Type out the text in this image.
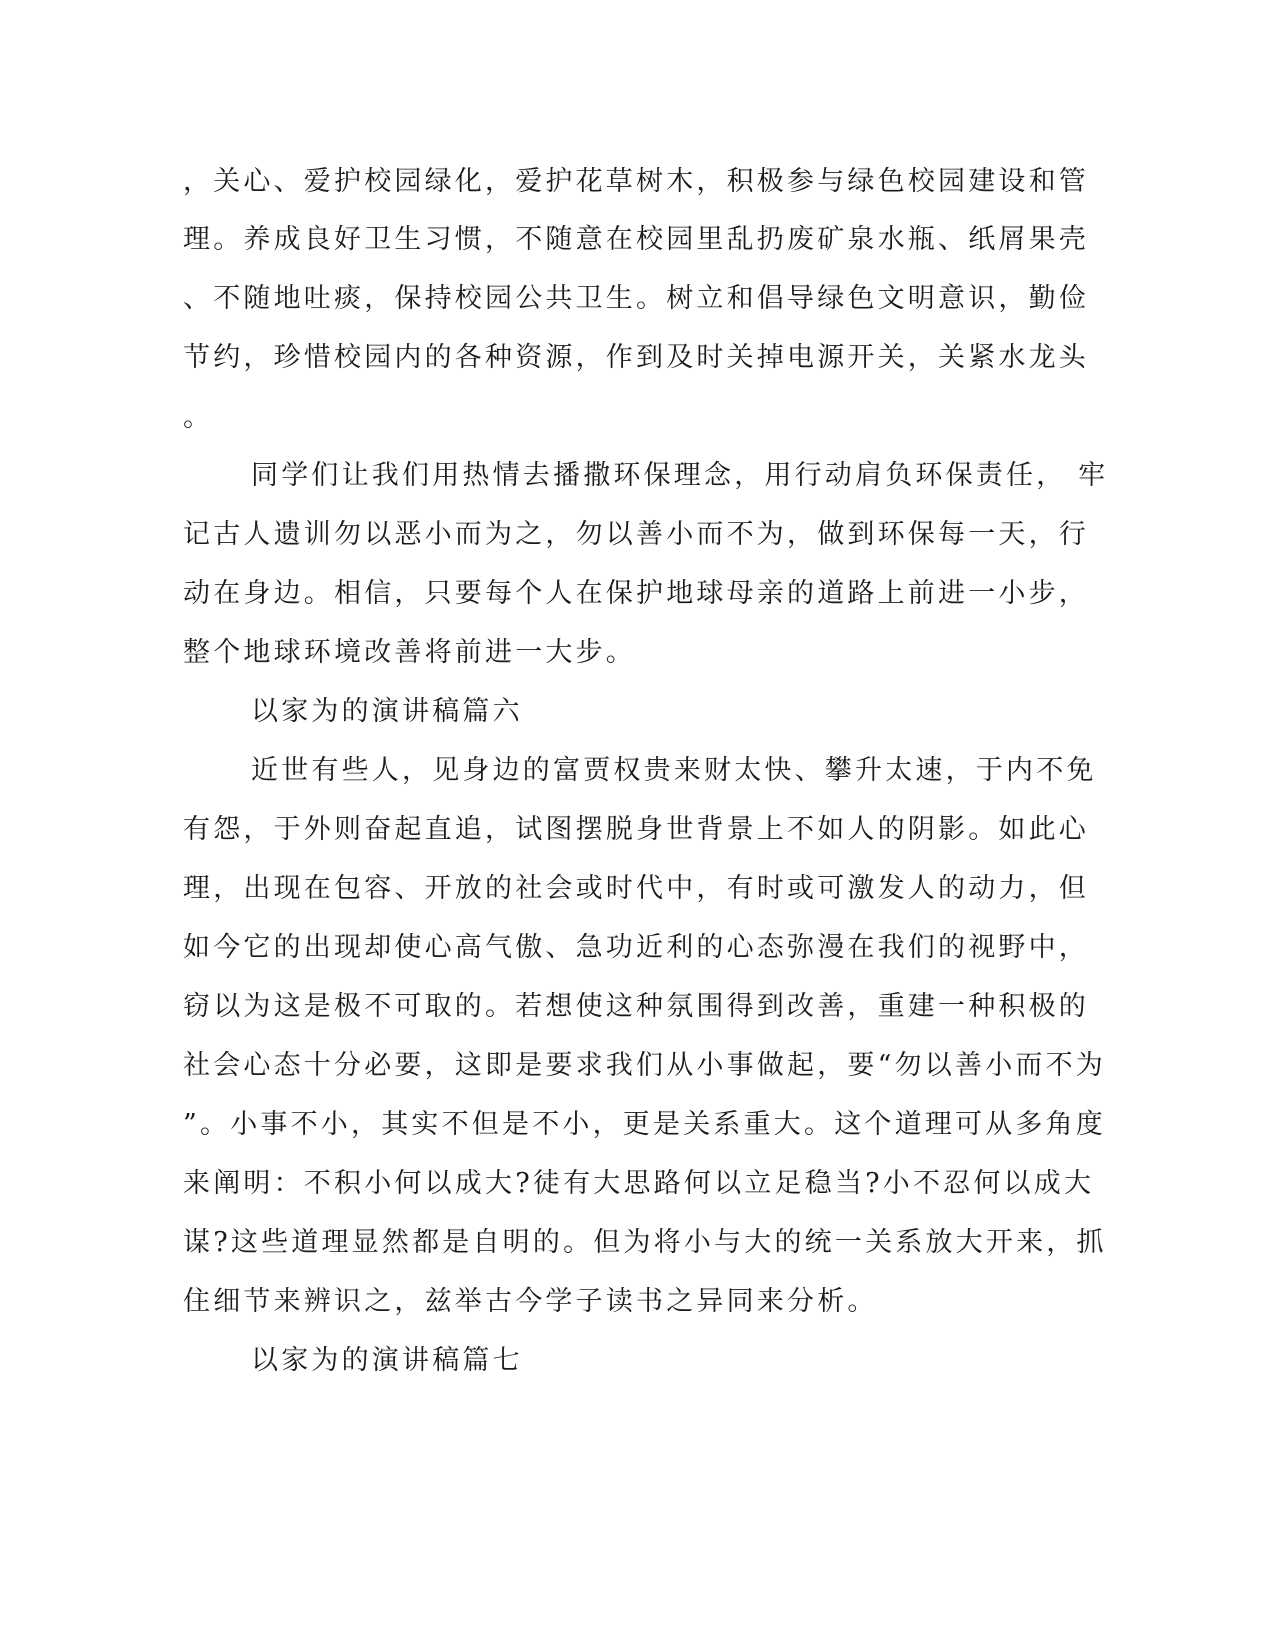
，关心、爱护校园绿化，爱护花草树木，积极参与绿色校园建设和管
理。养成良好卫生习惯，不随意在校园里乱扔废矿泉水瓶、纸屑果壳
、不随地吐痰，保持校园公共卫生。树立和倡导绿色文明意识，勤俭
节约，珍惜校园内的各种资源，作到及时关掉电源开关，关紧水龙头
。
同学们让我们用热情去播撒环保理念，用行动肩负环保责任， 牢
记古人遗训勿以恶小而为之，勿以善小而不为，做到环保每一天，行
动在身边。相信，只要每个人在保护地球母亲的道路上前进一小步，
整个地球环境改善将前进一大步。
以家为的演讲稿篇六
近世有些人，见身边的富贾权贵来财太快、攀升太速，于内不免
有怨，于外则奋起直追，试图摆脱身世背景上不如人的阴影。如此心
理，出现在包容、开放的社会或时代中，有时或可激发人的动力，但
如今它的出现却使心高气傲、急功近利的心态弥漫在我们的视野中，
窃以为这是极不可取的。若想使这种氛围得到改善，重建一种积极的
社会心态十分必要，这即是要求我们从小事做起，要“勿以善小而不为
”。小事不小，其实不但是不小，更是关系重大。这个道理可从多角度
来阐明：不积小何以成大?徒有大思路何以立足稳当?小不忍何以成大
谋?这些道理显然都是自明的。但为将小与大的统一关系放大开来，抓
住细节来辨识之，兹举古今学子读书之异同来分析。
以家为的演讲稿篇七
